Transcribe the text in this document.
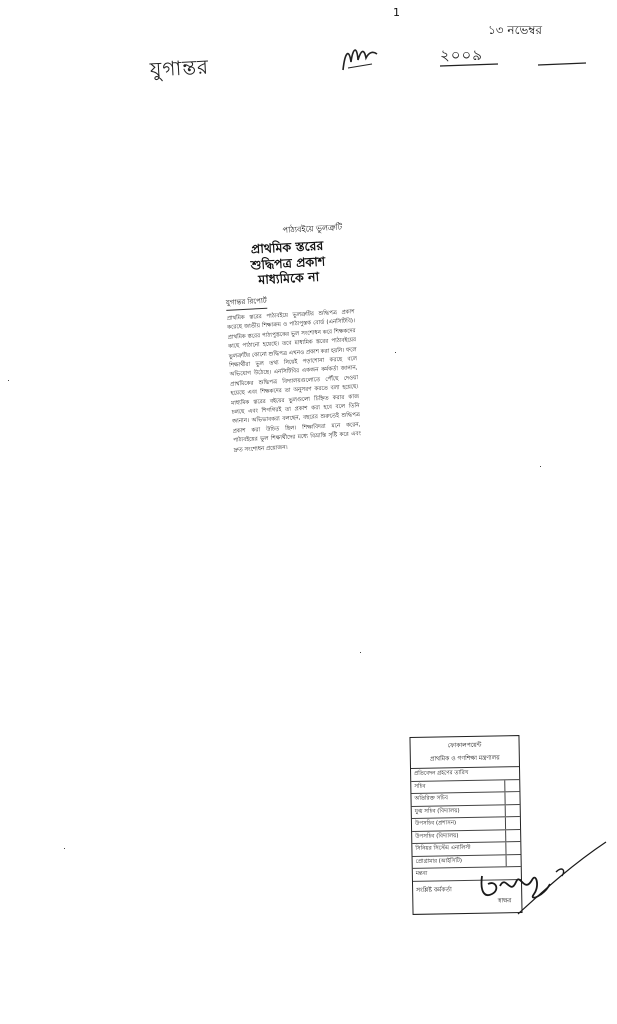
1
যুগান্তর
১৩ নভেম্বর
২০০৯
পাঠ্যবইয়ে ভুলত্রুটি
প্রাথমিক স্তরের
শুদ্ধিপত্র প্রকাশ
মাধ্যমিকে না
যুগান্তর রিপোর্ট
প্রাথমিক স্তরের পাঠ্যবইয়ে ভুলত্রুটির শুদ্ধিপত্র প্রকাশ করেছে জাতীয় শিক্ষাক্রম ও পাঠ্যপুস্তক বোর্ড (এনসিটিবি)। প্রাথমিক স্তরের পাঠ্যপুস্তকের ভুল সংশোধন করে শিক্ষকদের কাছে পাঠানো হয়েছে। তবে মাধ্যমিক স্তরের পাঠ্যবইয়ের ভুলত্রুটির কোনো শুদ্ধিপত্র এখনও প্রকাশ করা হয়নি। ফলে শিক্ষার্থীরা ভুল তথ্য নিয়েই পড়াশোনা করছে বলে অভিযোগ উঠেছে। এনসিটিবির একজন কর্মকর্তা জানান, প্রাথমিকের শুদ্ধিপত্র বিদ্যালয়গুলোতে পৌঁছে দেওয়া হয়েছে এবং শিক্ষকদের তা অনুসরণ করতে বলা হয়েছে। মাধ্যমিক স্তরের বইয়ের ভুলগুলো চিহ্নিত করার কাজ চলছে এবং শিগগিরই তা প্রকাশ করা হবে বলে তিনি জানান। অভিভাবকরা বলছেন, বছরের শুরুতেই শুদ্ধিপত্র প্রকাশ করা উচিত ছিল। শিক্ষাবিদরা মনে করেন, পাঠ্যবইয়ের ভুল শিক্ষার্থীদের মধ্যে বিভ্রান্তি সৃষ্টি করে এবং দ্রুত সংশোধন প্রয়োজন।
ফোকালপয়েন্ট
প্রাথমিক ও গণশিক্ষা মন্ত্রণালয়
প্রতিবেদন গ্রহণের তারিখ
সচিব
অতিরিক্ত সচিব
যুগ্ম সচিব (বিদ্যালয়)
উপসচিব (প্রশাসন)
উপসচিব (বিদ্যালয়)
সিনিয়র সিস্টেম এনালিস্ট
প্রোগ্রামার (আইসিটি)
মন্তব্য
সংশ্লিষ্ট কর্মকর্তা
স্বাক্ষর
